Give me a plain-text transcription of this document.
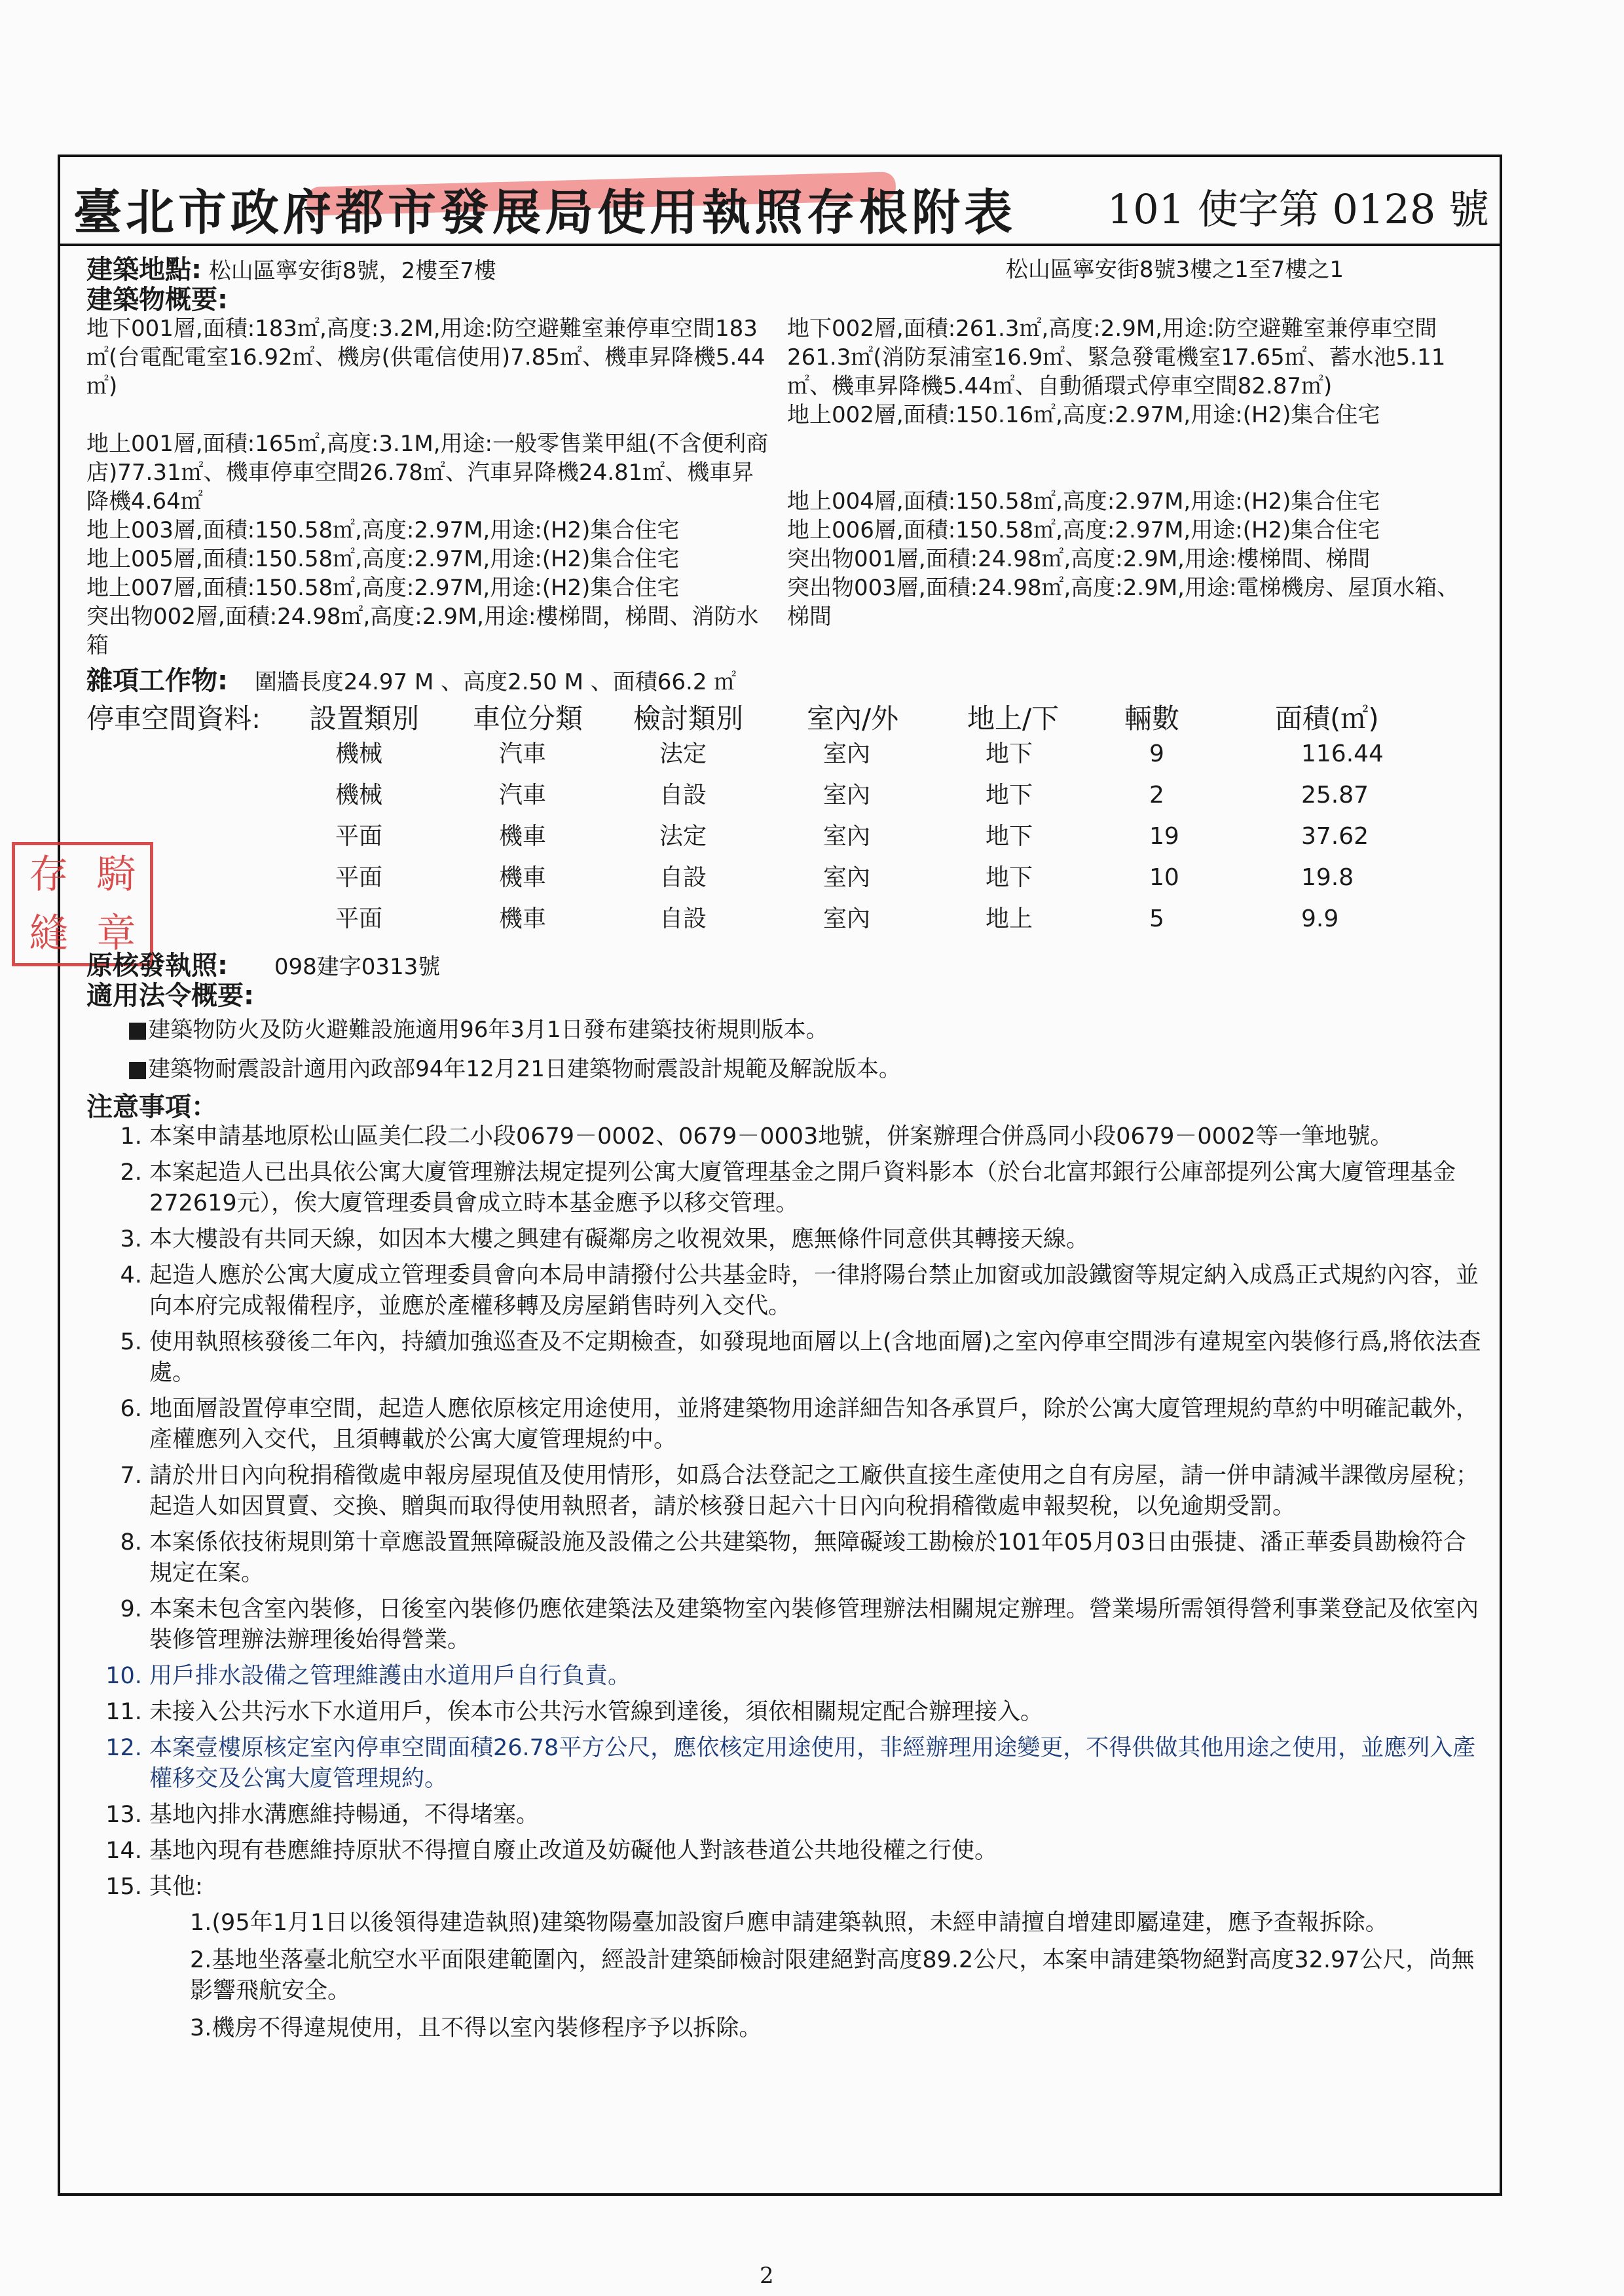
臺北市政府都市發展局使用執照存根附表 101 使字第 0128 號
存 騎
縫 章
建築地點: 松山區寧安街8號，2樓至7樓	松山區寧安街8號3樓之1至7樓之1
建築物概要:

地下001層,面積:183㎡,高度:3.2M,用途:防空避難室兼停車空間183㎡(台電配電室16.92㎡、機房(供電信使用)7.85㎡、機車昇降機5.44㎡)

地上001層,面積:165㎡,高度:3.1M,用途:一般零售業甲組(不含便利商店)77.31㎡、機車停車空間26.78㎡、汽車昇降機24.81㎡、機車昇降機4.64㎡

地上003層,面積:150.58㎡,高度:2.97M,用途:(H2)集合住宅

地上005層,面積:150.58㎡,高度:2.97M,用途:(H2)集合住宅

地上007層,面積:150.58㎡,高度:2.97M,用途:(H2)集合住宅

突出物002層,面積:24.98㎡,高度:2.9M,用途:樓梯間，梯間、消防水箱

地下002層,面積:261.3㎡,高度:2.9M,用途:防空避難室兼停車空間261.3㎡(消防泵浦室16.9㎡、緊急發電機室17.65㎡、蓄水池5.11㎡、機車昇降機5.44㎡、自動循環式停車空間82.87㎡)

地上002層,面積:150.16㎡,高度:2.97M,用途:(H2)集合住宅

地上004層,面積:150.58㎡,高度:2.97M,用途:(H2)集合住宅

地上006層,面積:150.58㎡,高度:2.97M,用途:(H2)集合住宅

突出物001層,面積:24.98㎡,高度:2.9M,用途:樓梯間、梯間

突出物003層,面積:24.98㎡,高度:2.9M,用途:電梯機房、屋頂水箱、梯間

雜項工作物: 圍牆長度24.97 M 、高度2.50 M 、面積66.2 ㎡
停車空間資料:	設置類別	車位分類	檢討類別	室內/外	地上/下	輛數	面積(㎡)
機械	汽車	法定	室內	地下	9	116.44
機械	汽車	自設	室內	地下	2	25.87
平面	機車	法定	室內	地下	19	37.62
平面	機車	自設	室內	地下	10	19.8
平面	機車	自設	室內	地上	5	9.9
原核發執照: 098建字0313號
適用法令概要:
■建築物防火及防火避難設施適用96年3月1日發布建築技術規則版本。
■建築物耐震設計適用內政部94年12月21日建築物耐震設計規範及解說版本。
注意事項：
1. 本案申請基地原松山區美仁段二小段0679－0002、0679－0003地號，併案辦理合併爲同小段0679－0002等一筆地號。
2. 本案起造人已出具依公寓大廈管理辦法規定提列公寓大廈管理基金之開戶資料影本（於台北富邦銀行公庫部提列公寓大廈管理基金272619元），俟大廈管理委員會成立時本基金應予以移交管理。
3. 本大樓設有共同天線，如因本大樓之興建有礙鄰房之收視效果，應無條件同意供其轉接天線。
4. 起造人應於公寓大廈成立管理委員會向本局申請撥付公共基金時，一律將陽台禁止加窗或加設鐵窗等規定納入成爲正式規約內容，並向本府完成報備程序，並應於產權移轉及房屋銷售時列入交代。
5. 使用執照核發後二年內，持續加強巡查及不定期檢查，如發現地面層以上(含地面層)之室內停車空間涉有違規室內裝修行爲,將依法查處。
6. 地面層設置停車空間，起造人應依原核定用途使用，並將建築物用途詳細告知各承買戶，除於公寓大廈管理規約草約中明確記載外，產權應列入交代，且須轉載於公寓大廈管理規約中。
7. 請於卅日內向稅捐稽徵處申報房屋現值及使用情形，如爲合法登記之工廠供直接生產使用之自有房屋，請一併申請減半課徵房屋稅；起造人如因買賣、交換、贈與而取得使用執照者，請於核發日起六十日內向稅捐稽徵處申報契稅，以免逾期受罰。
8. 本案係依技術規則第十章應設置無障礙設施及設備之公共建築物，無障礙竣工勘檢於101年05月03日由張捷、潘正華委員勘檢符合規定在案。
9. 本案未包含室內裝修，日後室內裝修仍應依建築法及建築物室內裝修管理辦法相關規定辦理。營業場所需領得營利事業登記及依室內裝修管理辦法辦理後始得營業。
10. 用戶排水設備之管理維護由水道用戶自行負責。
11. 未接入公共污水下水道用戶，俟本市公共污水管線到達後，須依相關規定配合辦理接入。
12. 本案壹樓原核定室內停車空間面積26.78平方公尺，應依核定用途使用，非經辦理用途變更，不得供做其他用途之使用，並應列入產權移交及公寓大廈管理規約。
13. 基地內排水溝應維持暢通，不得堵塞。
14. 基地內現有巷應維持原狀不得擅自廢止改道及妨礙他人對該巷道公共地役權之行使。
15. 其他:
1.(95年1月1日以後領得建造執照)建築物陽臺加設窗戶應申請建築執照，未經申請擅自增建即屬違建，應予查報拆除。
2.基地坐落臺北航空水平面限建範圍內，經設計建築師檢討限建絕對高度89.2公尺，本案申請建築物絕對高度32.97公尺，尚無影響飛航安全。
3.機房不得違規使用，且不得以室內裝修程序予以拆除。
2
